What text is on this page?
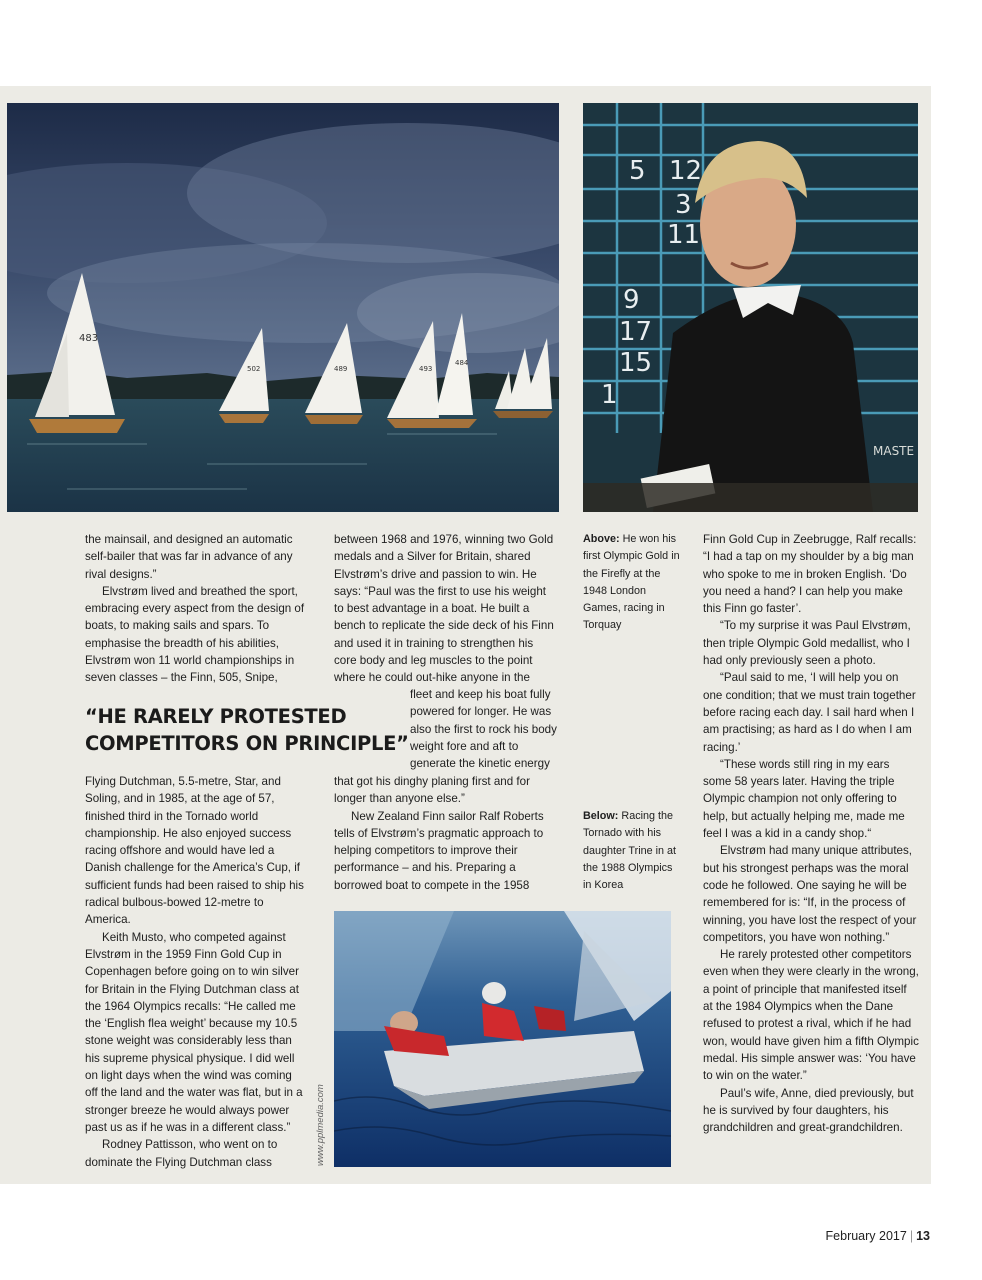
483
502	489	493
484
5 12
3
11
9
17
15
1
MASTE

the mainsail, and designed an automatic self-bailer that was far in advance of any rival designs.”

Elvstrøm lived and breathed the sport, embracing every aspect from the design of boats, to making sails and spars. To emphasise the breadth of his abilities, Elvstrøm won 11 world championships in seven classes – the Finn, 505, Snipe,

“HE RARELY PROTESTED COMPETITORS ON PRINCIPLE”

Flying Dutchman, 5.5-metre, Star, and Soling, and in 1985, at the age of 57, finished third in the Tornado world championship. He also enjoyed success racing offshore and would have led a Danish challenge for the America’s Cup, if sufficient funds had been raised to ship his radical bulbous-bowed 12-metre to America.

Keith Musto, who competed against Elvstrøm in the 1959 Finn Gold Cup in Copenhagen before going on to win silver for Britain in the Flying Dutchman class at the 1964 Olympics recalls: “He called me the ‘English flea weight’ because my 10.5 stone weight was considerably less than his supreme physical physique. I did well on light days when the wind was coming off the land and the water was flat, but in a stronger breeze he would always power past us as if he was in a different class.”

Rodney Pattisson, who went on to dominate the Flying Dutchman class

between 1968 and 1976, winning two Gold medals and a Silver for Britain, shared Elvstrøm’s drive and passion to win. He says: “Paul was the first to use his weight to best advantage in a boat. He built a bench to replicate the side deck of his Finn and used it in training to strengthen his core body and leg muscles to the point where he could out-hike anyone in the

fleet and keep his boat fully powered for longer. He was also the first to rock his body weight fore and aft to generate the kinetic energy

that got his dinghy planing first and for longer than anyone else.”

New Zealand Finn sailor Ralf Roberts tells of Elvstrøm’s pragmatic approach to helping competitors to improve their performance – and his. Preparing a borrowed boat to compete in the 1958

Above: He won his first Olympic Gold in the Firefly at the 1948 London Games, racing in Torquay
Below: Racing the Tornado with his daughter Trine in at the 1988 Olympics in Korea
www.pplmedia.com

Finn Gold Cup in Zeebrugge, Ralf recalls: “I had a tap on my shoulder by a big man who spoke to me in broken English. ‘Do you need a hand? I can help you make this Finn go faster’.

“To my surprise it was Paul Elvstrøm, then triple Olympic Gold medallist, who I had only previously seen a photo.

“Paul said to me, ‘I will help you on one condition; that we must train together before racing each day. I sail hard when I am practising; as hard as I do when I am racing.’

“These words still ring in my ears some 58 years later. Having the triple Olympic champion not only offering to help, but actually helping me, made me feel I was a kid in a candy shop.“

Elvstrøm had many unique attributes, but his strongest perhaps was the moral code he followed. One saying he will be remembered for is: “If, in the process of winning, you have lost the respect of your competitors, you have won nothing.”

He rarely protested other competitors even when they were clearly in the wrong, a point of principle that manifested itself at the 1984 Olympics when the Dane refused to protest a rival, which if he had won, would have given him a fifth Olympic medal. His simple answer was: ‘You have to win on the water.”

Paul’s wife, Anne, died previously, but he is survived by four daughters, his grandchildren and great-grandchildren.

February 2017 | 13
